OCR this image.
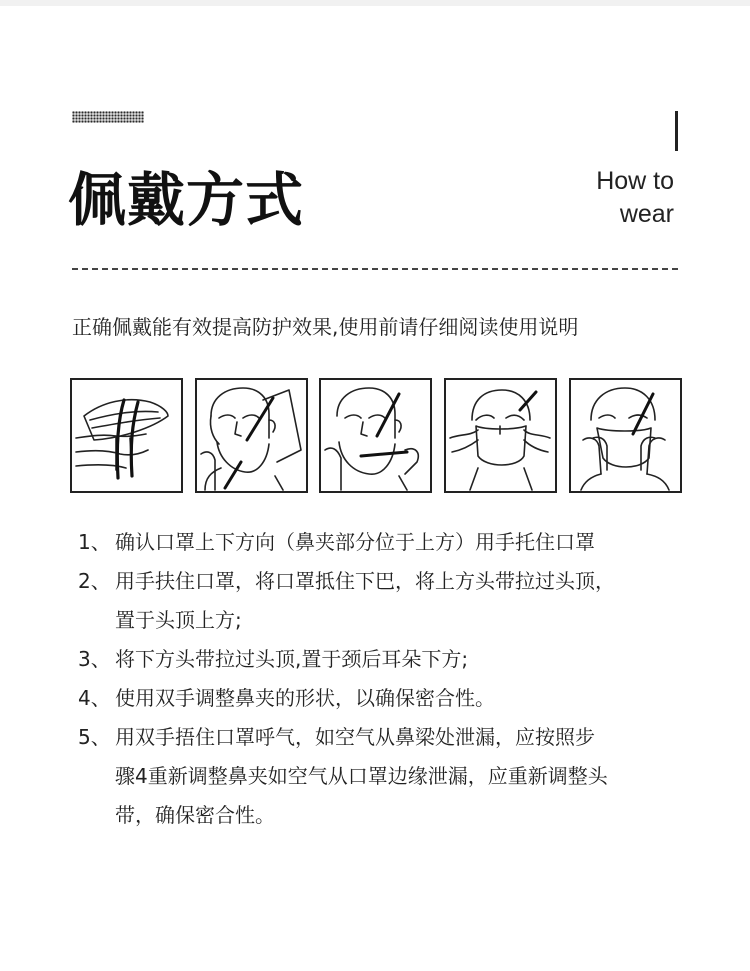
佩戴方式	How to
wear
正确佩戴能有效提高防护效果,使用前请仔细阅读使用说明
1、 确认口罩上下方向（鼻夹部分位于上方）用手托住口罩
2、 用手扶住口罩，将口罩抵住下巴，将上方头带拉过头顶，
置于头顶上方;
3、 将下方头带拉过头顶,置于颈后耳朵下方;
4、 使用双手调整鼻夹的形状，以确保密合性。
5、 用双手捂住口罩呼气，如空气从鼻梁处泄漏，应按照步
骤4重新调整鼻夹如空气从口罩边缘泄漏，应重新调整头
带，确保密合性。
